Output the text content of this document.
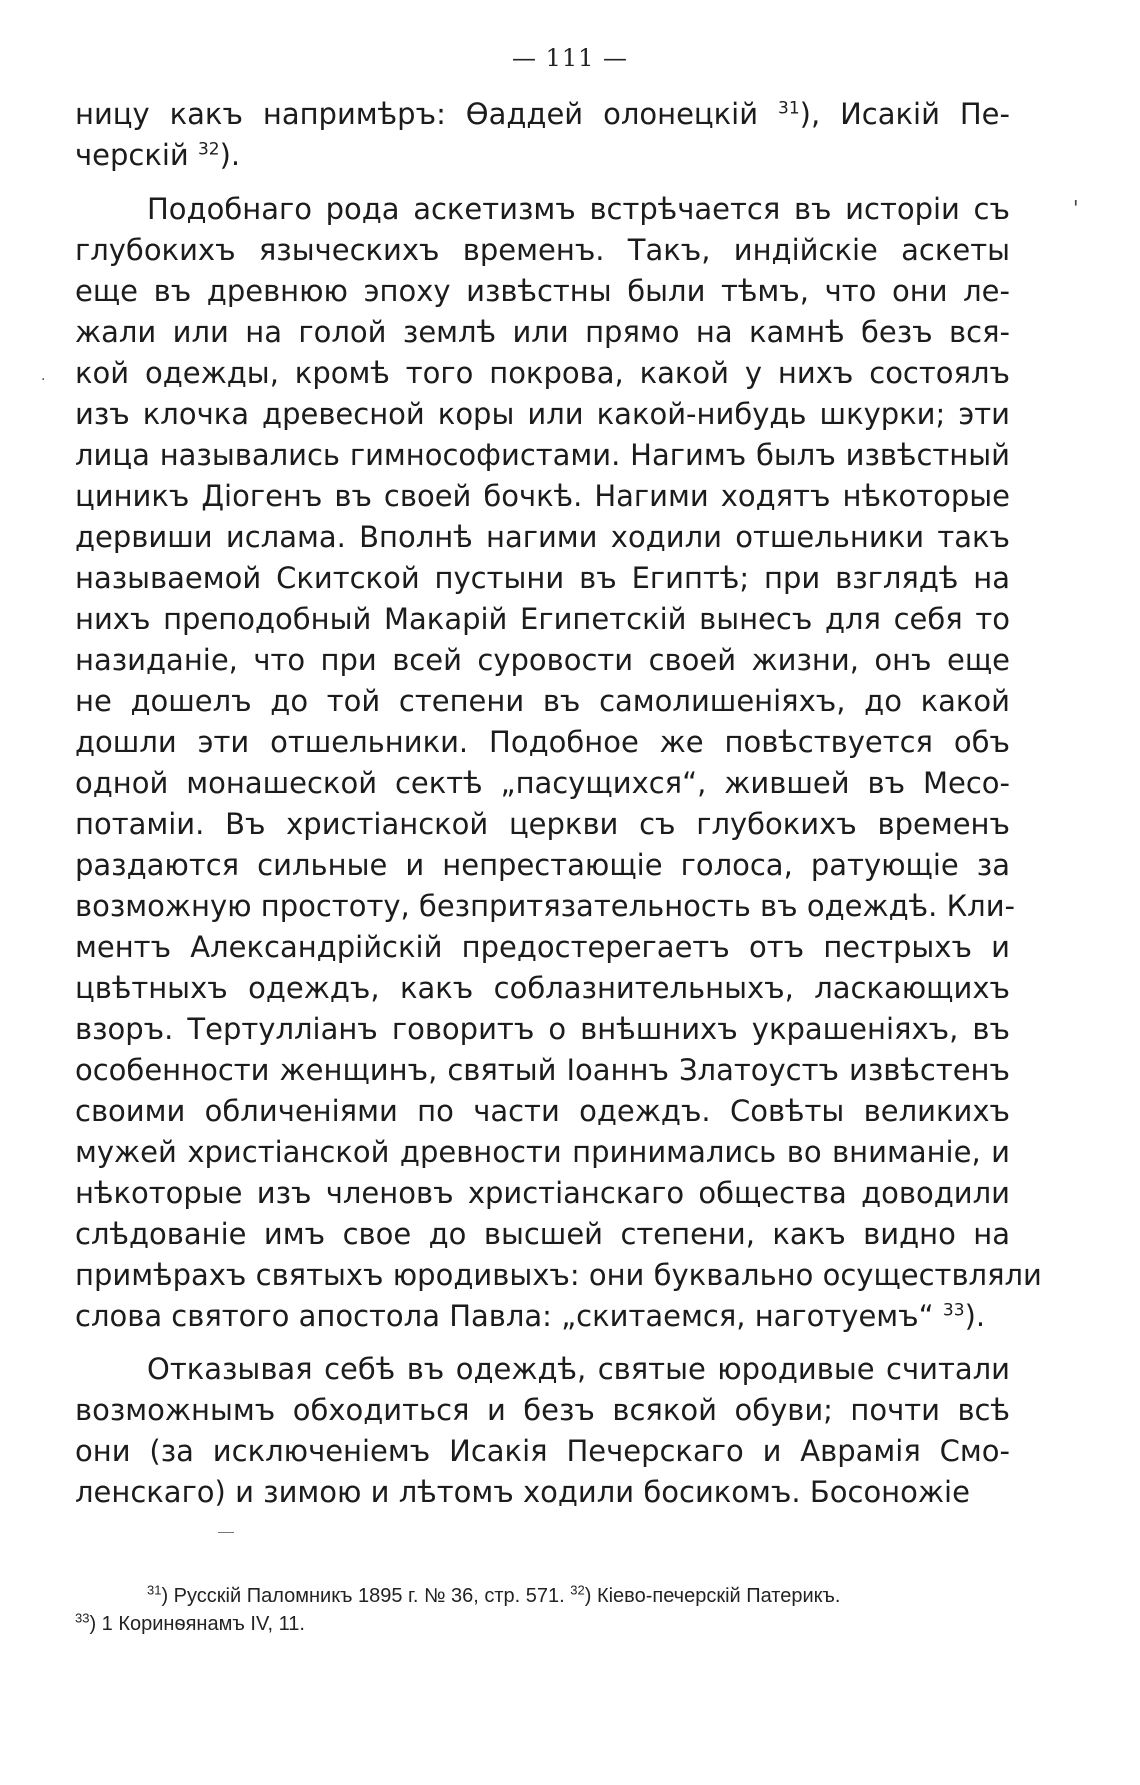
— 111 —
ницу какъ напримѣръ: Ѳаддей олонецкій $^{31}$), Исакій Пе-
черскій $^{32}$).
Подобнаго рода аскетизмъ встрѣчается въ исторіи съ
глубокихъ языческихъ временъ. Такъ, индійскіе аскеты
еще въ древнюю эпоху извѣстны были тѣмъ, что они ле-
жали или на голой землѣ или прямо на камнѣ безъ вся-
кой одежды, кромѣ того покрова, какой у нихъ состоялъ
изъ клочка древесной коры или какой-нибудь шкурки; эти
лица назывались гимнософистами. Нагимъ былъ извѣстный
циникъ Діогенъ въ своей бочкѣ. Нагими ходятъ нѣкоторые
дервиши ислама. Вполнѣ нагими ходили отшельники такъ
называемой Скитской пустыни въ Египтѣ; при взглядѣ на
нихъ преподобный Макарій Египетскій вынесъ для себя то
назиданіе, что при всей суровости своей жизни, онъ еще
не дошелъ до той степени въ самолишеніяхъ, до какой
дошли эти отшельники. Подобное же повѣствуется объ
одной монашеской сектѣ „пасущихся“, жившей въ Месо-
потаміи. Въ христіанской церкви съ глубокихъ временъ
раздаются сильные и непрестающіе голоса, ратующіе за
возможную простоту, безпритязательность въ одеждѣ. Кли-
ментъ Александрійскій предостерегаетъ отъ пестрыхъ и
цвѣтныхъ одеждъ, какъ соблазнительныхъ, ласкающихъ
взоръ. Тертулліанъ говоритъ о внѣшнихъ украшеніяхъ, въ
особенности женщинъ, святый Іоаннъ Златоустъ извѣстенъ
своими обличеніями по части одеждъ. Совѣты великихъ
мужей христіанской древности принимались во вниманіе, и
нѣкоторые изъ членовъ христіанскаго общества доводили
слѣдованіе имъ свое до высшей степени, какъ видно на
примѣрахъ святыхъ юродивыхъ: они буквально осуществляли
слова святого апостола Павла: „скитаемся, наготуемъ“ $^{33}$).
Отказывая себѣ въ одеждѣ, святые юродивые считали
возможнымъ обходиться и безъ всякой обуви; почти всѣ
они (за исключеніемъ Исакія Печерскаго и Аврамія Смо-
ленскаго) и зимою и лѣтомъ ходили босикомъ. Босоножіе
'
·
$^{31}$) Русскій Паломникъ 1895 г. № 36, стр. 571. $^{32}$) Кіево-печерскій Патерикъ.
$^{33}$) 1 Коринѳянамъ IV, 11.
